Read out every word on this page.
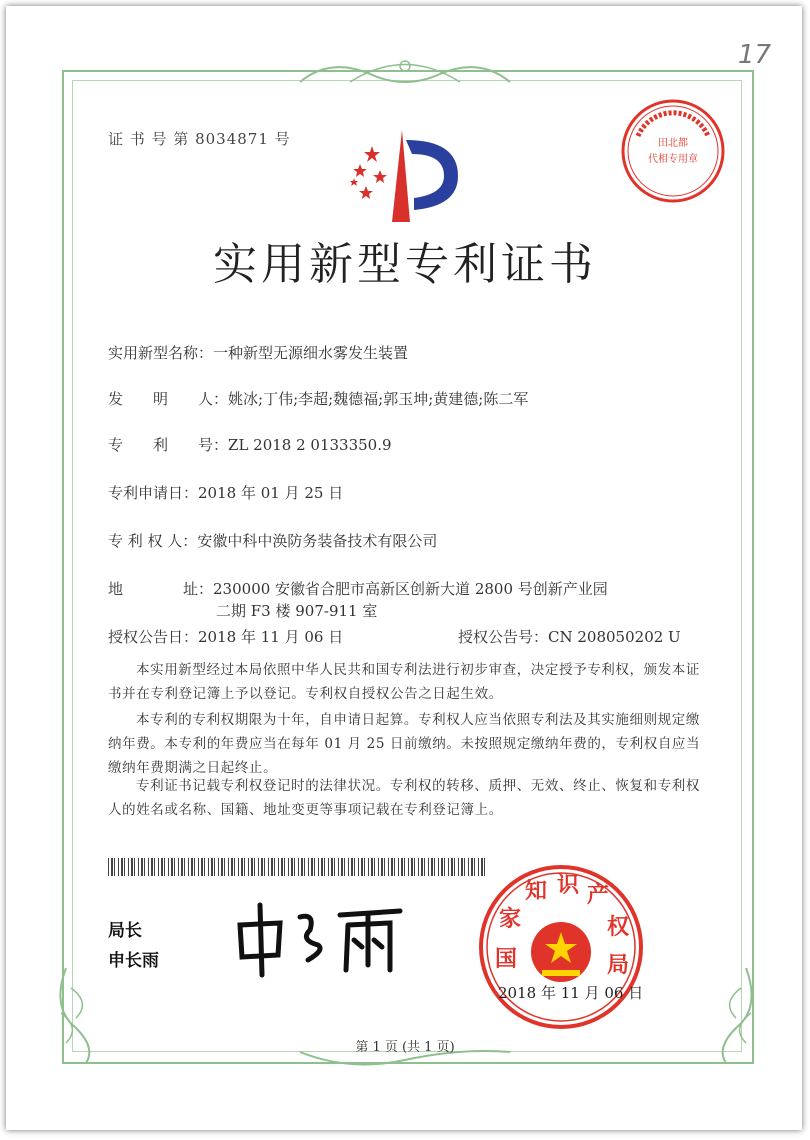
17
证 书 号 第 8034871 号	田北都
代相专用章
实用新型专利证书
实用新型名称：一种新型无源细水雾发生装置
发　　明　　人：姚冰;丁伟;李超;魏德福;郭玉坤;黄建德;陈二军
专　　利　　号：ZL 2018 2 0133350.9
专利申请日：2018 年 01 月 25 日
专 利 权 人：安徽中科中涣防务装备技术有限公司
地　　　　址：230000 安徽省合肥市高新区创新大道 2800 号创新产业园
二期 F3 楼 907-911 室
授权公告日：2018 年 11 月 06 日	授权公告号：CN 208050202 U
本实用新型经过本局依照中华人民共和国专利法进行初步审查，决定授予专利权，颁发本证书并在专利登记簿上予以登记。专利权自授权公告之日起生效。
本专利的专利权期限为十年，自申请日起算。专利权人应当依照专利法及其实施细则规定缴纳年费。本专利的年费应当在每年 01 月 25 日前缴纳。未按照规定缴纳年费的，专利权自应当缴纳年费期满之日起终止。
专利证书记载专利权登记时的法律状况。专利权的转移、质押、无效、终止、恢复和专利权人的姓名或名称、国籍、地址变更等事项记载在专利登记簿上。
局长
申长雨	国
家
知 识 产
权
局
2018 年 11 月 06 日
第 1 页 (共 1 页)
